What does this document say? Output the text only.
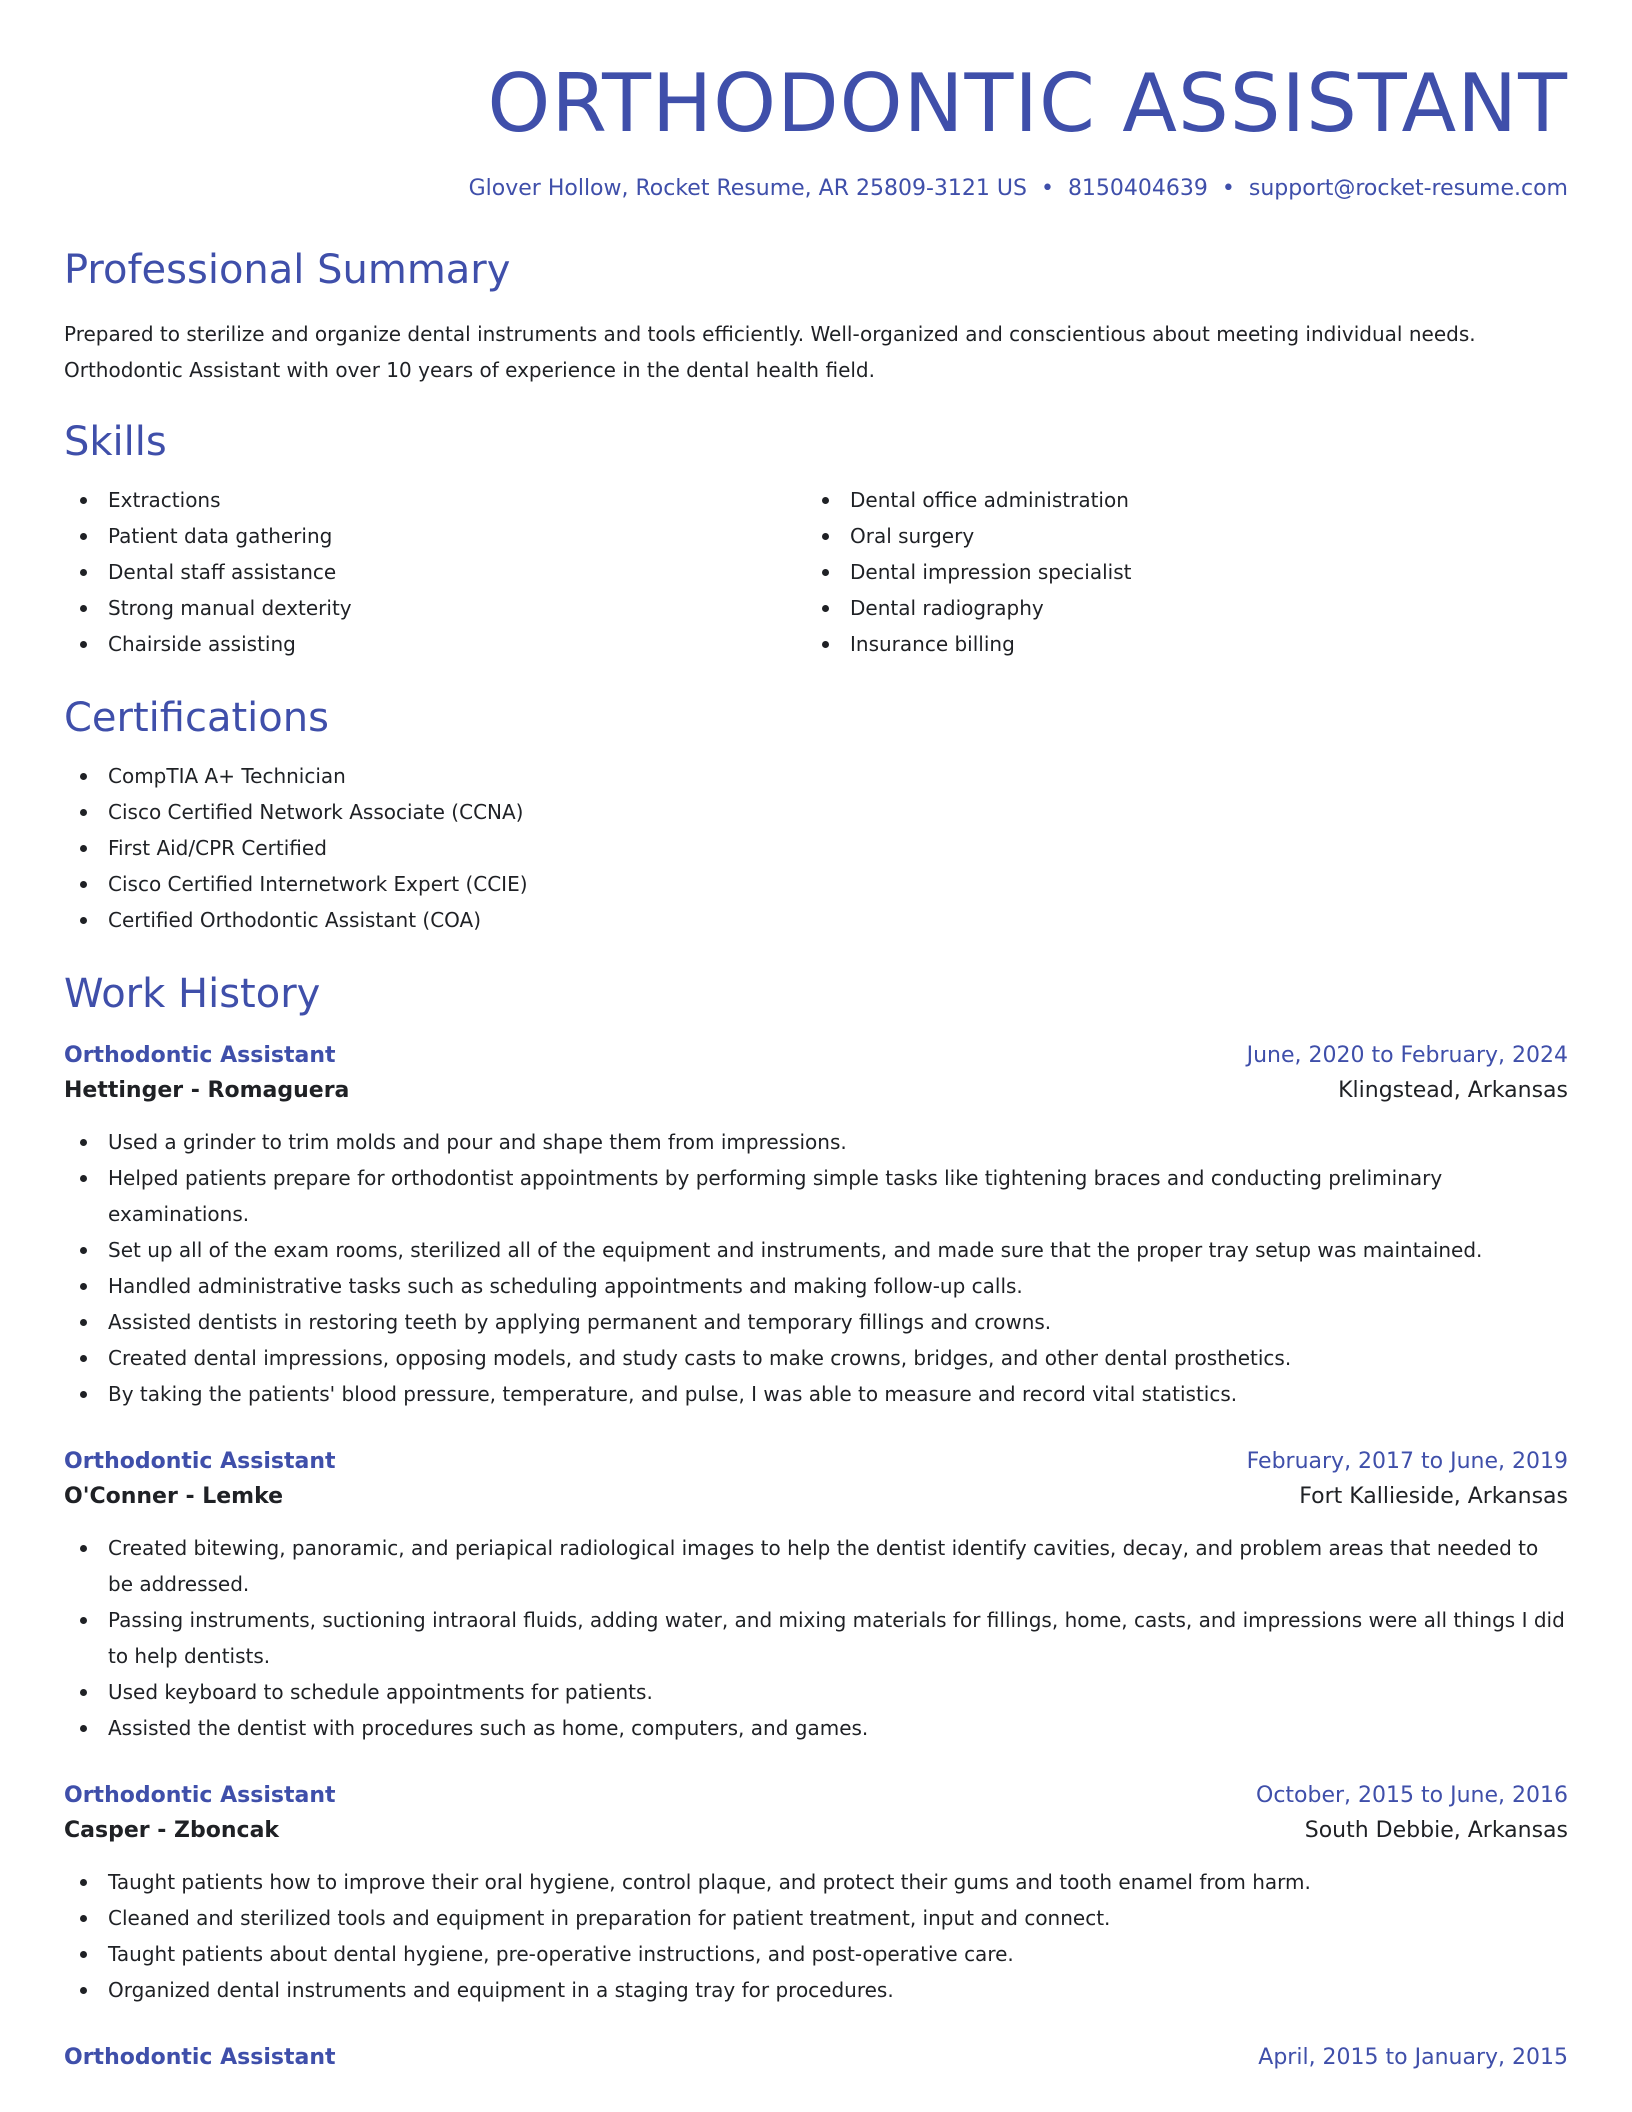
ORTHODONTIC ASSISTANT
Glover Hollow, Rocket Resume, AR 25809-3121 US • 8150404639 • support@rocket-resume.com
Professional Summary

Prepared to sterilize and organize dental instruments and tools efficiently. Well-organized and conscientious about meeting individual needs. Orthodontic Assistant with over 10 years of experience in the dental health field.

Skills
Extractions
Patient data gathering
Dental staff assistance
Strong manual dexterity
Chairside assisting
Dental office administration
Oral surgery
Dental impression specialist
Dental radiography
Insurance billing
Certifications
CompTIA A+ Technician
Cisco Certified Network Associate (CCNA)
First Aid/CPR Certified
Cisco Certified Internetwork Expert (CCIE)
Certified Orthodontic Assistant (COA)
Work History
Orthodontic Assistant	June, 2020 to February, 2024
Hettinger - Romaguera	Klingstead, Arkansas
Used a grinder to trim molds and pour and shape them from impressions.
Helped patients prepare for orthodontist appointments by performing simple tasks like tightening braces and conducting preliminary examinations.
Set up all of the exam rooms, sterilized all of the equipment and instruments, and made sure that the proper tray setup was maintained.
Handled administrative tasks such as scheduling appointments and making follow-up calls.
Assisted dentists in restoring teeth by applying permanent and temporary fillings and crowns.
Created dental impressions, opposing models, and study casts to make crowns, bridges, and other dental prosthetics.
By taking the patients' blood pressure, temperature, and pulse, I was able to measure and record vital statistics.
Orthodontic Assistant	February, 2017 to June, 2019
O'Conner - Lemke	Fort Kallieside, Arkansas
Created bitewing, panoramic, and periapical radiological images to help the dentist identify cavities, decay, and problem areas that needed to be addressed.
Passing instruments, suctioning intraoral fluids, adding water, and mixing materials for fillings, home, casts, and impressions were all things I did to help dentists.
Used keyboard to schedule appointments for patients.
Assisted the dentist with procedures such as home, computers, and games.
Orthodontic Assistant	October, 2015 to June, 2016
Casper - Zboncak	South Debbie, Arkansas
Taught patients how to improve their oral hygiene, control plaque, and protect their gums and tooth enamel from harm.
Cleaned and sterilized tools and equipment in preparation for patient treatment, input and connect.
Taught patients about dental hygiene, pre-operative instructions, and post-operative care.
Organized dental instruments and equipment in a staging tray for procedures.
Orthodontic Assistant	April, 2015 to January, 2015
